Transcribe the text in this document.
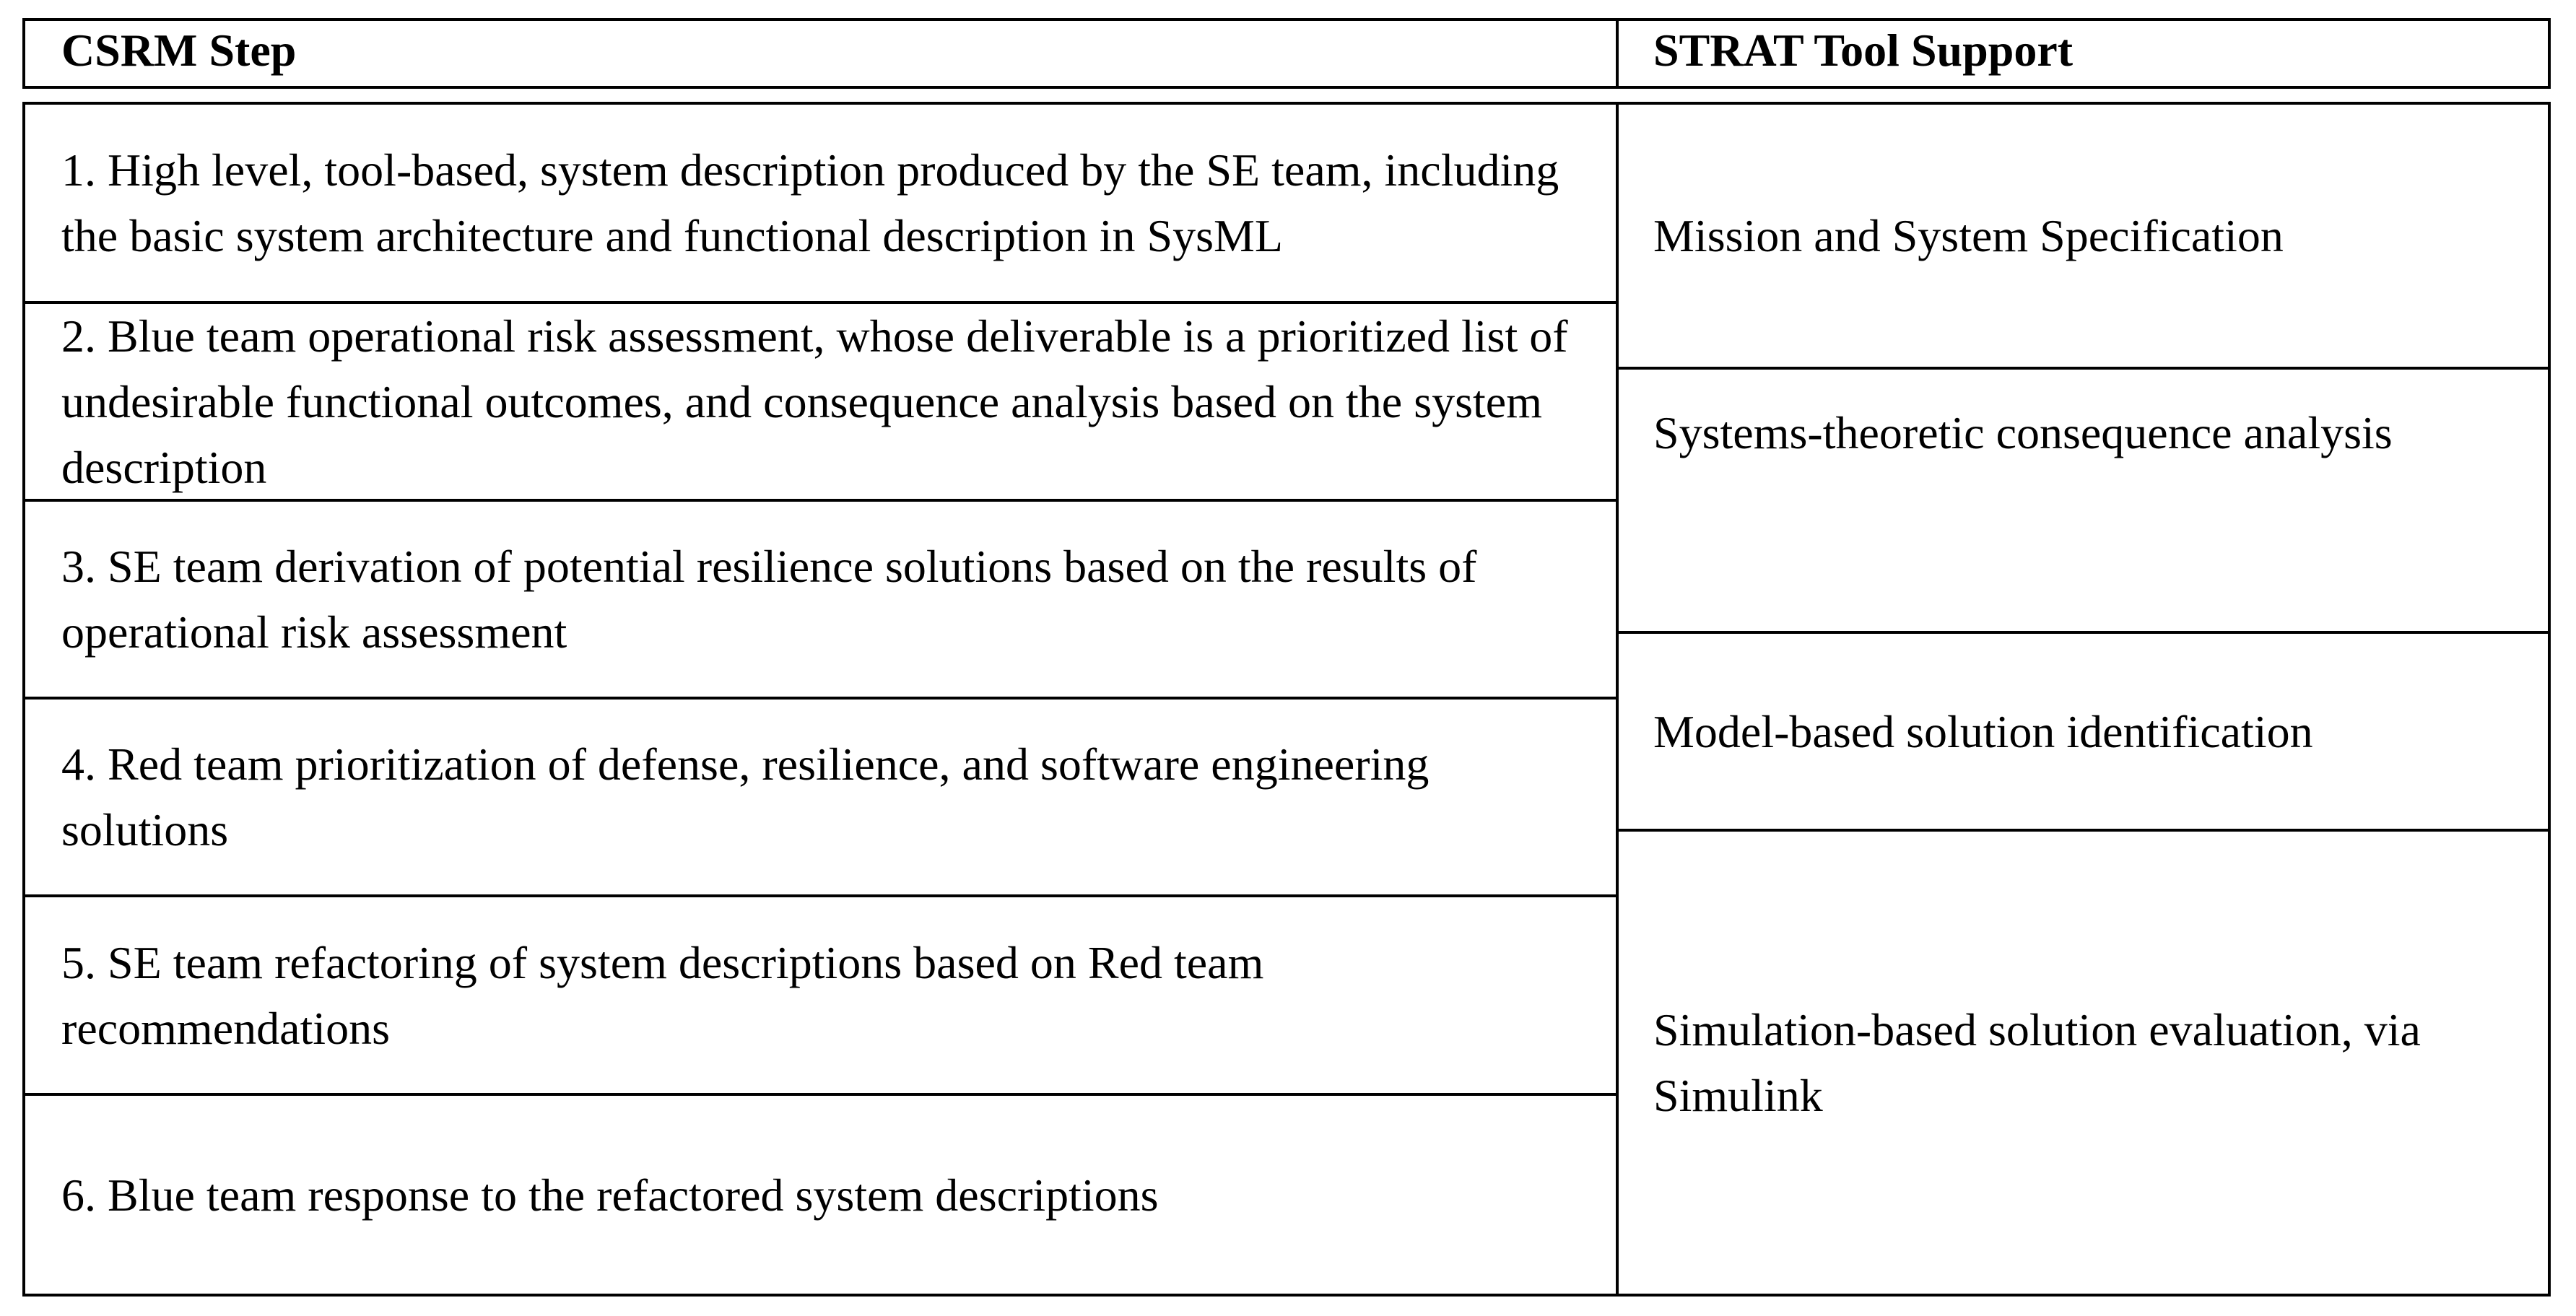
CSRM Step	STRAT Tool Support
1. High level, tool-based, system description produced by the SE team, including the basic system architecture and functional description in SysML
2. Blue team operational risk assessment, whose deliverable is a prioritized list of undesirable functional outcomes, and consequence analysis based on the system description
3. SE team derivation of potential resilience solutions based on the results of operational risk assessment
4. Red team prioritization of defense, resilience, and software engineering solutions
5. SE team refactoring of system descriptions based on Red team recommendations
6. Blue team response to the refactored system descriptions
Mission and System Specification
Systems-theoretic consequence analysis
Model-based solution identification
Simulation-based solution evaluation, via Simulink
